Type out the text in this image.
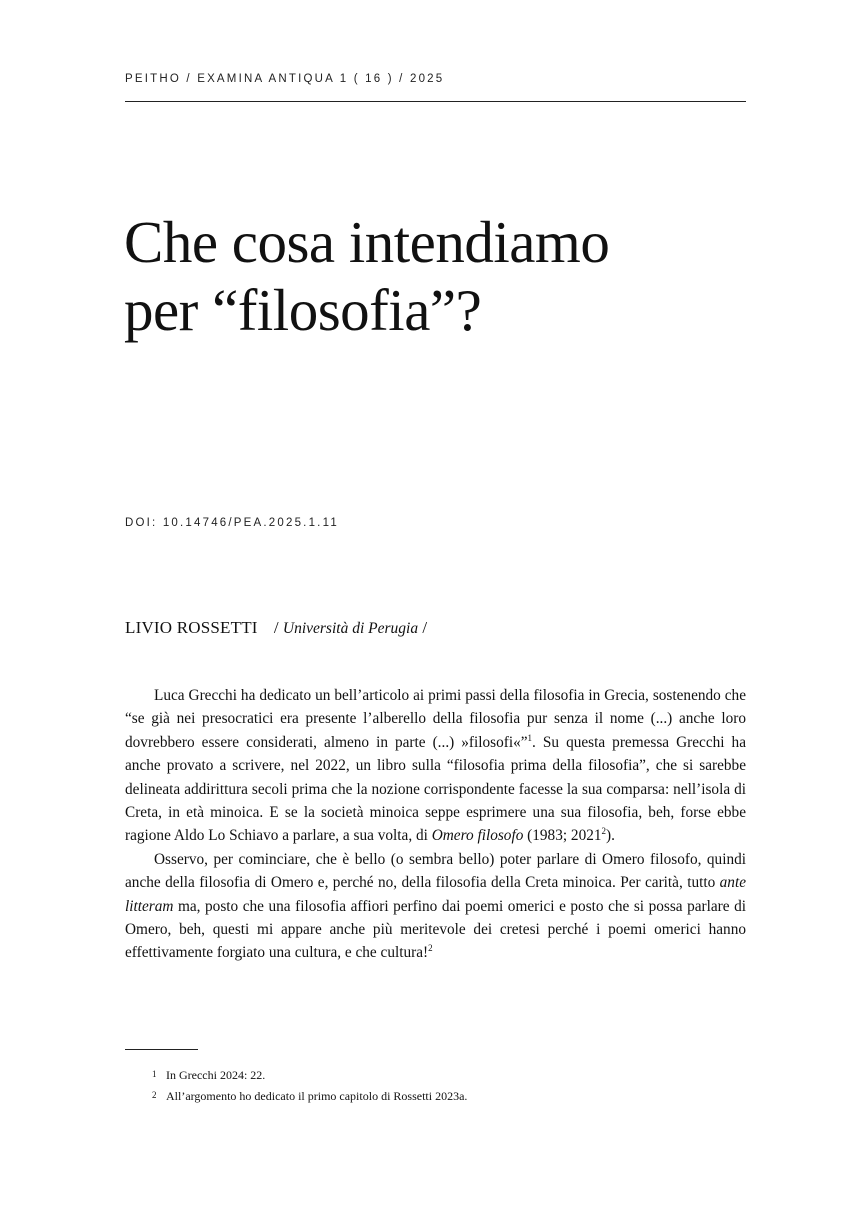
PEITHO / EXAMINA ANTIQUA 1 ( 16 ) / 2025
Che cosa intendiamo
per “filosofia”?
DOI: 10.14746/PEA.2025.1.11
LIVIO ROSSETTI / Università di Perugia /

Luca Grecchi ha dedicato un bell’articolo ai primi passi della filosofia in Grecia, sostenendo che “se già nei presocratici era presente l’alberello della filosofia pur senza il nome (...) anche loro dovrebbero essere considerati, almeno in parte (...) »filosofi«”$^1$. Su questa premessa Grecchi ha anche provato a scrivere, nel 2022, un libro sulla “filosofia prima della filosofia”, che si sarebbe delineata addirittura secoli prima che la nozione corrispondente facesse la sua comparsa: nell’isola di Creta, in età minoica. E se la società minoica seppe esprimere una sua filosofia, beh, forse ebbe ragione Aldo Lo Schiavo a parlare, a sua volta, di Omero filosofo (1983; 2021$^2$).

Osservo, per cominciare, che è bello (o sembra bello) poter parlare di Omero filosofo, quindi anche della filosofia di Omero e, perché no, della filosofia della Creta minoica. Per carità, tutto ante litteram ma, posto che una filosofia affiori perfino dai poemi omerici e posto che si possa parlare di Omero, beh, questi mi appare anche più meritevole dei cretesi perché i poemi omerici hanno effettivamente forgiato una cultura, e che cultura!$^2$

1 In Grecchi 2024: 22.
2 All’argomento ho dedicato il primo capitolo di Rossetti 2023a.
